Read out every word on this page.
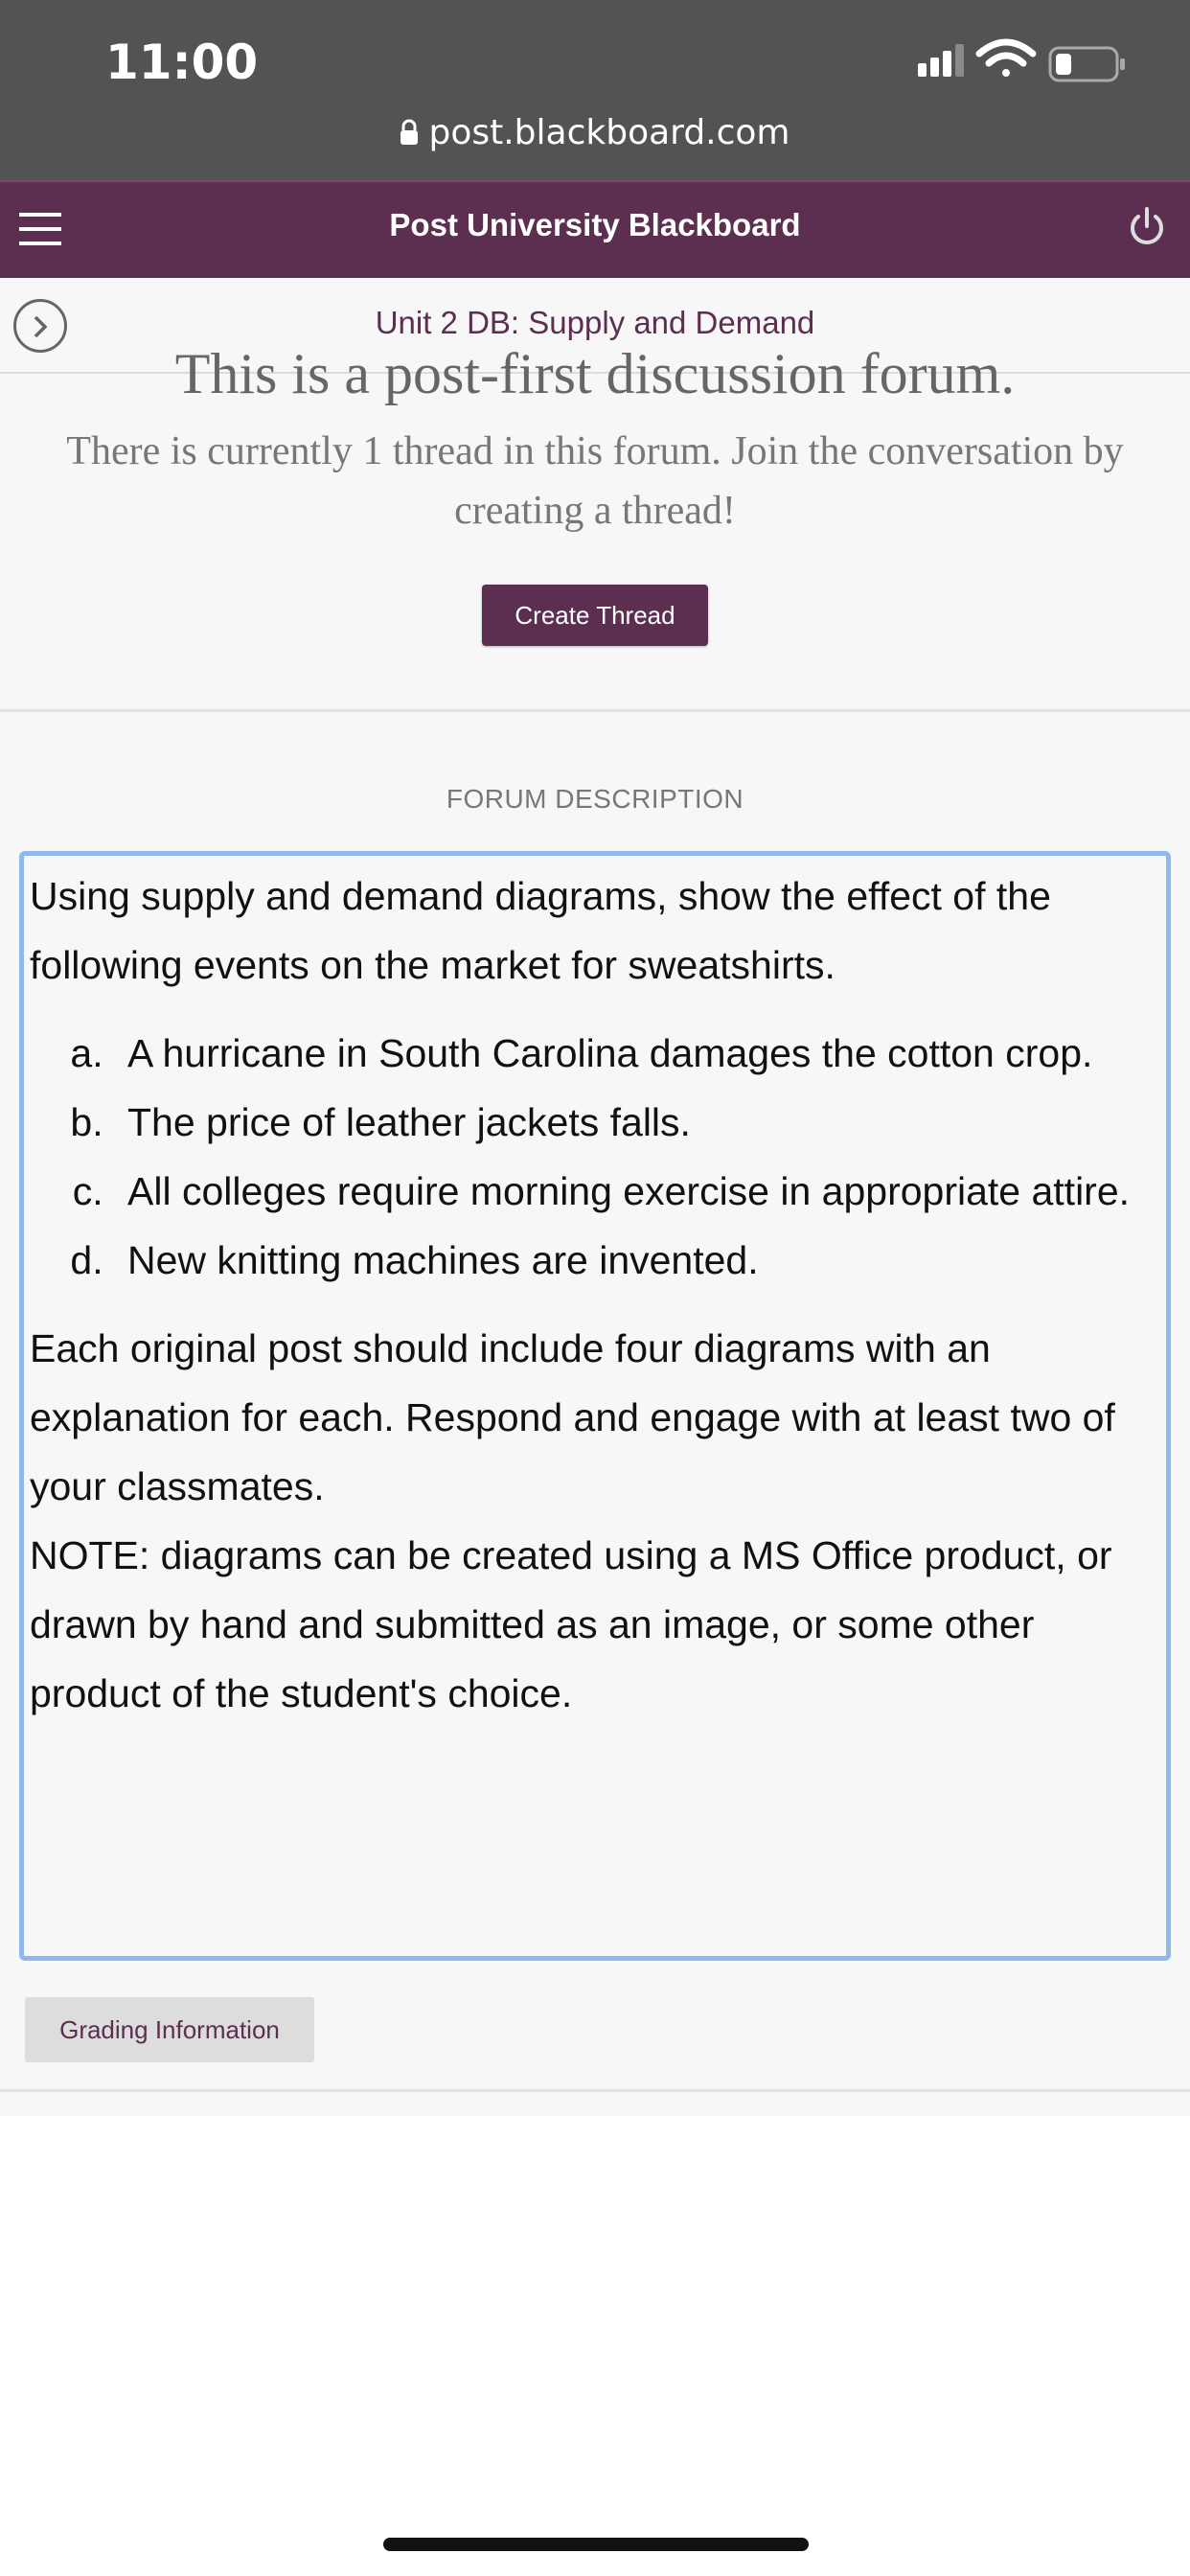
11:00
post.blackboard.com
Post University Blackboard
Unit 2 DB: Supply and Demand
This is a post-first discussion forum.
There is currently 1 thread in this forum. Join the conversation by creating a thread!
Create Thread
FORUM DESCRIPTION

Using supply and demand diagrams, show the effect of the following events on the market for sweatshirts.

a. A hurricane in South Carolina damages the cotton crop.
b. The price of leather jackets falls.
c. All colleges require morning exercise in appropriate attire.
d. New knitting machines are invented.

Each original post should include four diagrams with an explanation for each. Respond and engage with at least two of your classmates.

NOTE: diagrams can be created using a MS Office product, or drawn by hand and submitted as an image, or some other product of the student's choice.

Grading Information
